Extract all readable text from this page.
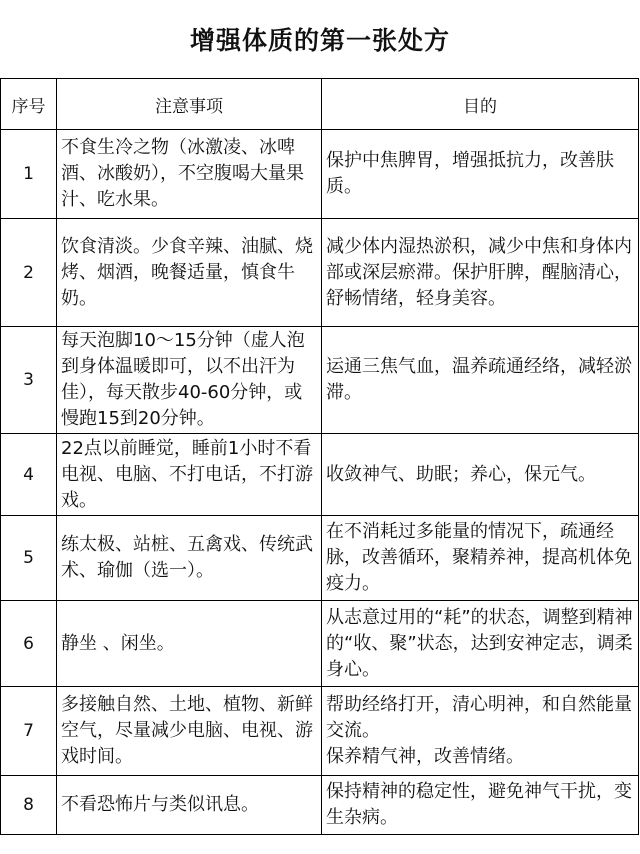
增强体质的第一张处方
序号	注意事项	目的
1	不食生冷之物（冰激凌、冰啤酒、冰酸奶），不空腹喝大量果汁、吃水果。	保护中焦脾胃，增强抵抗力，改善肤质。
2	饮食清淡。少食辛辣、油腻、烧烤、烟酒，晚餐适量，慎食牛奶。	减少体内湿热淤积，减少中焦和身体内部或深层瘀滞。保护肝脾，醒脑清心，舒畅情绪，轻身美容。
3	每天泡脚10～15分钟（虚人泡到身体温暖即可，以不出汗为佳），每天散步40-60分钟，或慢跑15到20分钟。	运通三焦气血，温养疏通经络，减轻淤滞。
4	22点以前睡觉，睡前1小时不看电视、电脑、不打电话，不打游戏。	收敛神气、助眠；养心，保元气。
5	练太极、站桩、五禽戏、传统武术、瑜伽（选一）。	在不消耗过多能量的情况下，疏通经脉，改善循环，聚精养神，提高机体免疫力。
6	静坐 、闲坐。	从志意过用的“耗”的状态，调整到精神的“收、聚”状态，达到安神定志，调柔身心。
7	多接触自然、土地、植物、新鲜空气，尽量减少电脑、电视、游戏时间。	帮助经络打开，清心明神，和自然能量交流。
保养精气神，改善情绪。
8	不看恐怖片与类似讯息。	保持精神的稳定性，避免神气干扰，变生杂病。
